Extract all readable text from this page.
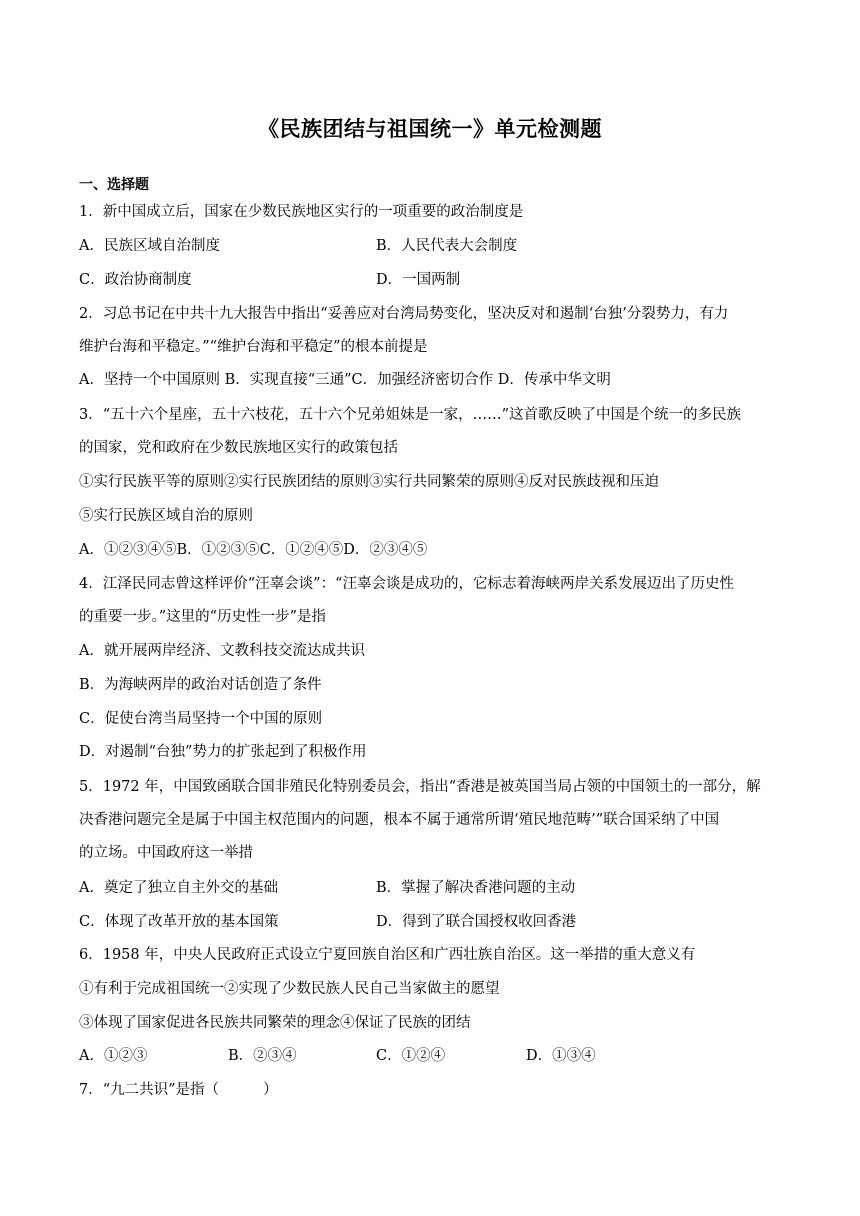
《民族团结与祖国统一》单元检测题
一、选择题
1．新中国成立后，国家在少数民族地区实行的一项重要的政治制度是
A．民族区域自治制度	B．人民代表大会制度
C．政治协商制度	D．一国两制
2．习总书记在中共十九大报告中指出“妥善应对台湾局势变化，坚决反对和遏制‘台独’分裂势力，有力
维护台海和平稳定。”“维护台海和平稳定”的根本前提是
A．坚持一个中国原则 B．实现直接“三通”C．加强经济密切合作 D．传承中华文明
3．“五十六个星座，五十六枝花，五十六个兄弟姐妹是一家，……”这首歌反映了中国是个统一的多民族
的国家，党和政府在少数民族地区实行的政策包括
①实行民族平等的原则②实行民族团结的原则③实行共同繁荣的原则④反对民族歧视和压迫
⑤实行民族区域自治的原则
A．①②③④⑤B．①②③⑤C．①②④⑤D．②③④⑤
4．江泽民同志曾这样评价“汪辜会谈”：“汪辜会谈是成功的，它标志着海峡两岸关系发展迈出了历史性
的重要一步。”这里的“历史性一步”是指
A．就开展两岸经济、文教科技交流达成共识
B．为海峡两岸的政治对话创造了条件
C．促使台湾当局坚持一个中国的原则
D．对遏制“台独”势力的扩张起到了积极作用
5．1972 年，中国致函联合国非殖民化特别委员会，指出“香港是被英国当局占领的中国领土的一部分，解
决香港问题完全是属于中国主权范围内的问题，根本不属于通常所谓‘殖民地范畴’”联合国采纳了中国
的立场。中国政府这一举措
A．奠定了独立自主外交的基础	B．掌握了解决香港问题的主动
C．体现了改革开放的基本国策	D．得到了联合国授权收回香港
6．1958 年，中央人民政府正式设立宁夏回族自治区和广西壮族自治区。这一举措的重大意义有
①有利于完成祖国统一②实现了少数民族人民自己当家做主的愿望
③体现了国家促进各民族共同繁荣的理念④保证了民族的团结
A．①②③	B．②③④	C．①②④	D．①③④
7．“九二共识”是指（	）
